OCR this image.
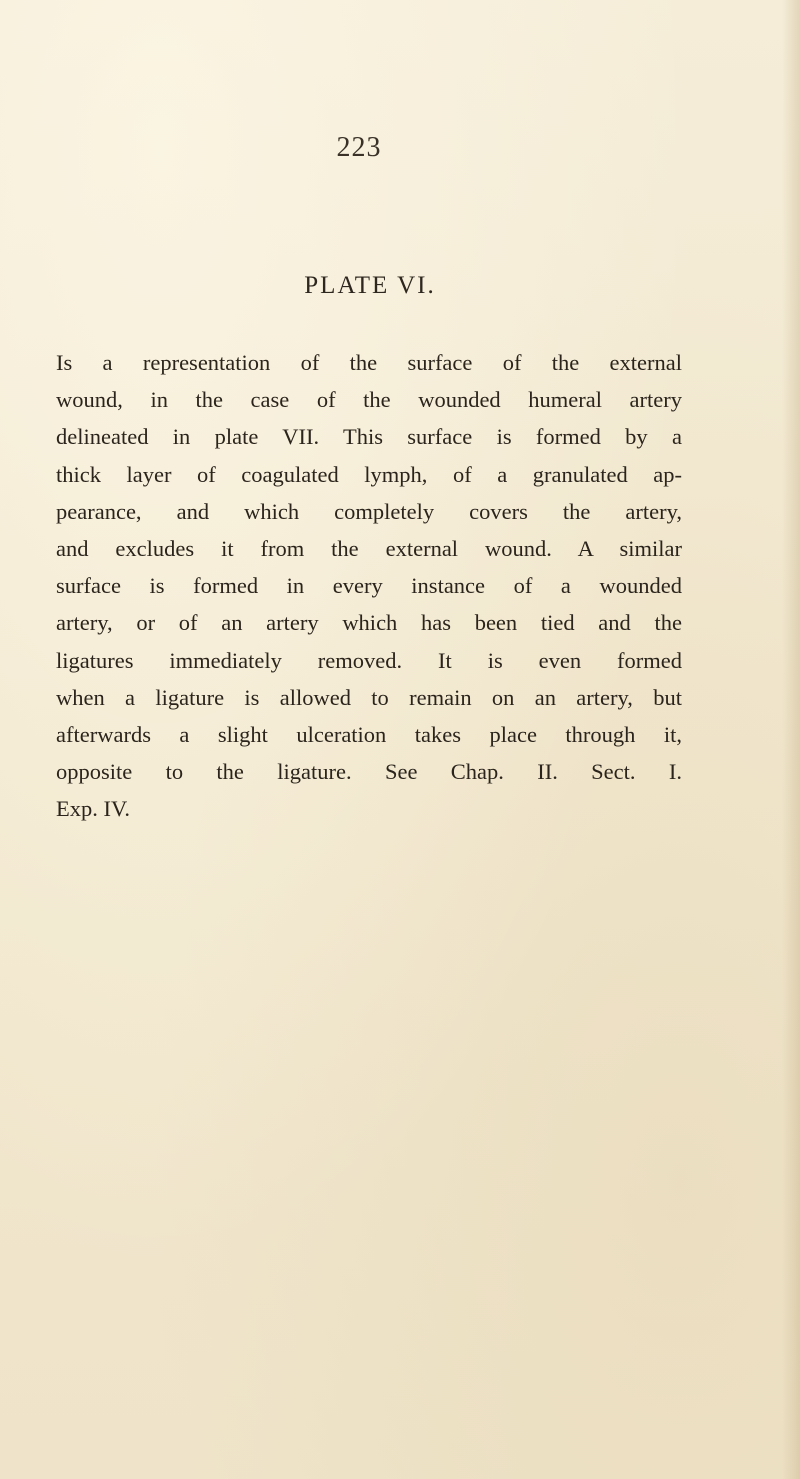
223
PLATE VI.
Is a representation of the surface of the external
wound, in the case of the wounded humeral artery
delineated in plate VII. This surface is formed by a
thick layer of coagulated lymph, of a granulated ap-
pearance, and which completely covers the artery,
and excludes it from the external wound. A similar
surface is formed in every instance of a wounded
artery, or of an artery which has been tied and the
ligatures immediately removed. It is even formed
when a ligature is allowed to remain on an artery, but
afterwards a slight ulceration takes place through it,
opposite to the ligature. See Chap. II. Sect. I.
Exp. IV.
